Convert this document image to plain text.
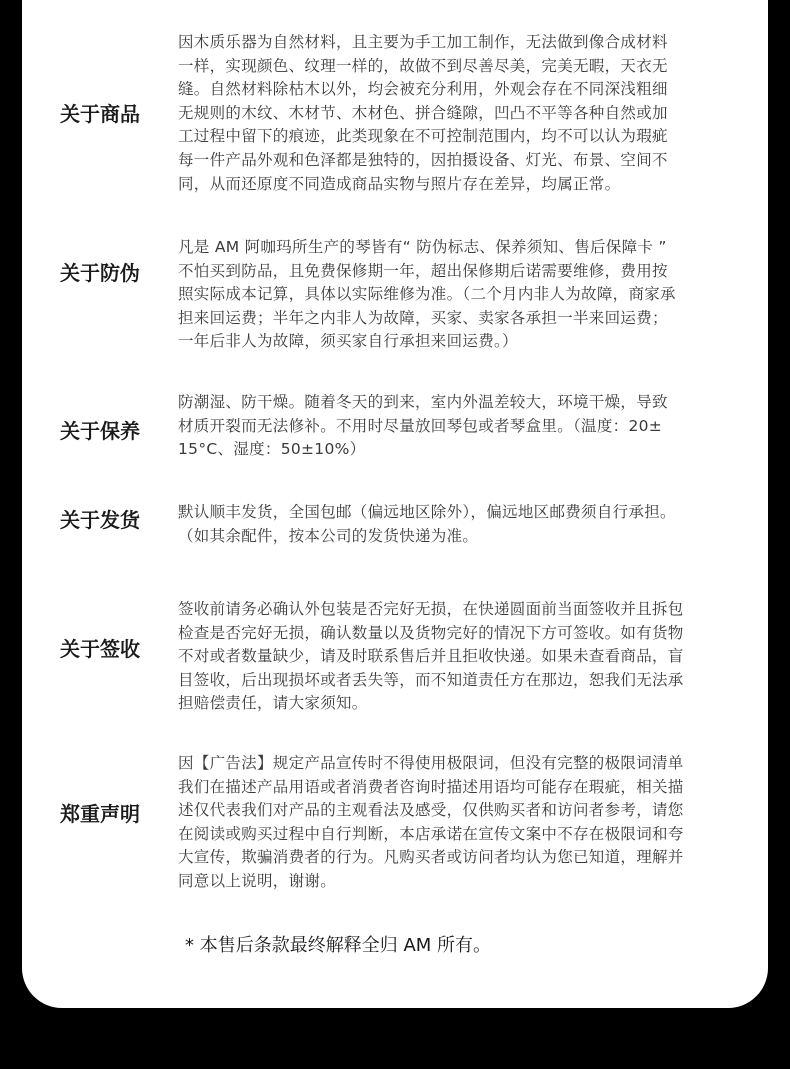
关于商品

因木质乐器为自然材料，且主要为手工加工制作，无法做到像合成材料

一样，实现颜色、纹理一样的，故做不到尽善尽美，完美无暇，天衣无

缝。自然材料除枯木以外，均会被充分利用，外观会存在不同深浅粗细

无规则的木纹、木材节、木材色、拼合缝隙，凹凸不平等各种自然或加

工过程中留下的痕迹，此类现象在不可控制范围内，均不可以认为瑕疵

每一件产品外观和色泽都是独特的，因拍摄设备、灯光、布景、空间不

同，从而还原度不同造成商品实物与照片存在差异，均属正常。

关于防伪

凡是 AM 阿咖玛所生产的琴皆有“ 防伪标志、保养须知、售后保障卡 ”

不怕买到防品，且免费保修期一年，超出保修期后诺需要维修，费用按

照实际成本记算，具体以实际维修为准。（二个月内非人为故障，商家承

担来回运费；半年之内非人为故障，买家、卖家各承担一半来回运费；

一年后非人为故障，须买家自行承担来回运费。）

关于保养

防潮湿、防干燥。随着冬天的到来，室内外温差较大，环境干燥，导致

材质开裂而无法修补。不用时尽量放回琴包或者琴盒里。（温度：20±

15°C、湿度：50±10%）

关于发货	默认顺丰发货，全国包邮（偏远地区除外），偏远地区邮费须自行承担。

（如其余配件，按本公司的发货快递为准。

关于签收

签收前请务必确认外包装是否完好无损，在快递圆面前当面签收并且拆包

检查是否完好无损，确认数量以及货物完好的情况下方可签收。如有货物

不对或者数量缺少，请及时联系售后并且拒收快递。如果未查看商品，盲

目签收，后出现损坏或者丢失等，而不知道责任方在那边，恕我们无法承

担赔偿责任，请大家须知。

郑重声明

因【广告法】规定产品宣传时不得使用极限词，但没有完整的极限词清单

我们在描述产品用语或者消费者咨询时描述用语均可能存在瑕疵，相关描

述仅代表我们对产品的主观看法及感受，仅供购买者和访问者参考，请您

在阅读或购买过程中自行判断，本店承诺在宣传文案中不存在极限词和夸

大宣传，欺骗消费者的行为。凡购买者或访问者均认为您已知道，理解并

同意以上说明，谢谢。

* 本售后条款最终解释全归 AM 所有。
